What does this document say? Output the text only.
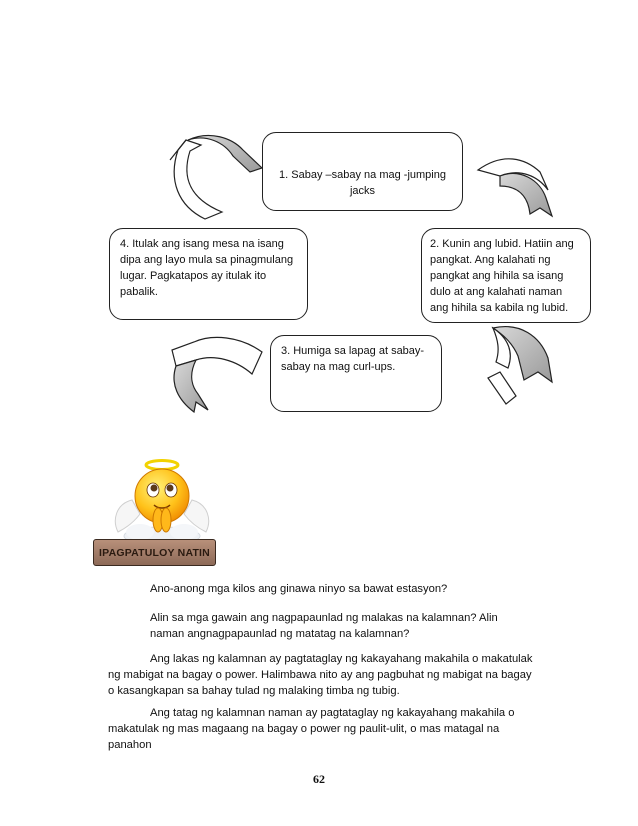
1. Sabay –sabay na mag -jumping jacks

4. Itulak ang isang mesa na isang dipa ang layo mula sa pinagmulang lugar. Pagkatapos ay itulak ito pabalik.

2. Kunin ang lubid. Hatiin ang pangkat. Ang kalahati ng pangkat ang hihila sa isang dulo at ang kalahati naman ang hihila sa kabila ng lubid.

3. Humiga sa lapag at sabay-sabay na mag curl-ups.

IPAGPATULOY NATIN
Ano-anong mga kilos ang ginawa ninyo sa bawat estasyon?
Alin sa mga gawain ang nagpapaunlad ng malakas na kalamnan? Alin naman angnagpapaunlad ng matatag na kalamnan?
Ang lakas ng kalamnan ay pagtataglay ng kakayahang makahila o makatulak ng mabigat na bagay o power. Halimbawa nito ay ang pagbuhat ng mabigat na bagay o kasangkapan sa bahay tulad ng malaking timba ng tubig.
Ang tatag ng kalamnan naman ay pagtataglay ng kakayahang makahila o makatulak ng mas magaang na bagay o power ng paulit-ulit, o mas matagal na panahon
62
